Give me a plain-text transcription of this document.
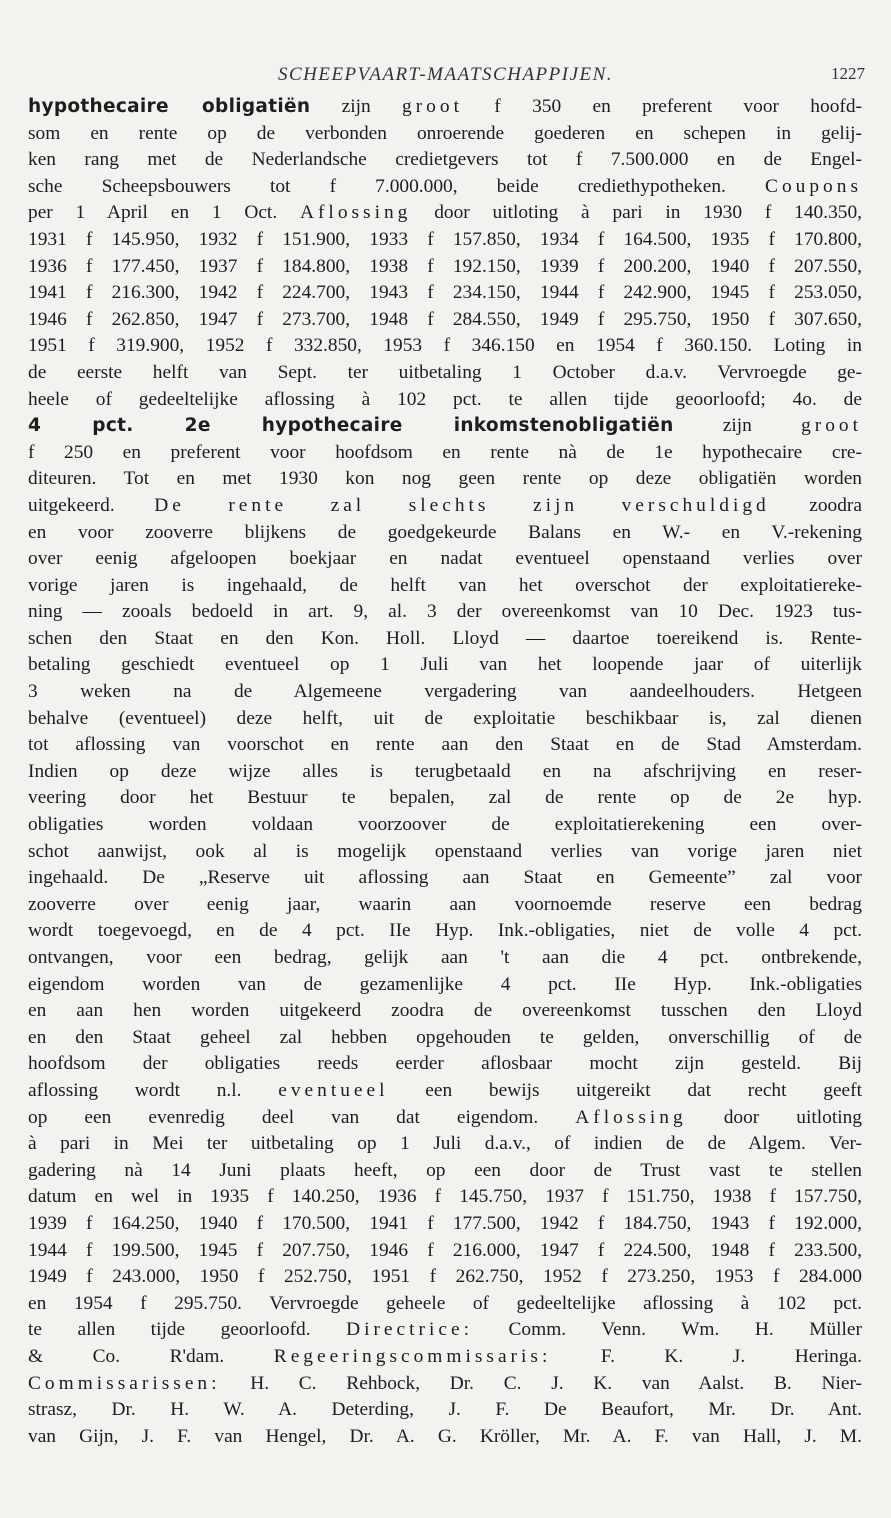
SCHEEPVAART-MAATSCHAPPIJEN.	1227
hypothecaire obligatiën zijn groot f 350 en preferent voor hoofd-
som en rente op de verbonden onroerende goederen en schepen in gelij-
ken rang met de Nederlandsche credietgevers tot f 7.500.000 en de Engel-
sche Scheepsbouwers tot f 7.000.000, beide crediethypotheken. Coupons
per 1 April en 1 Oct. Aflossing door uitloting à pari in 1930 f 140.350,
1931 f 145.950, 1932 f 151.900, 1933 f 157.850, 1934 f 164.500, 1935 f 170.800,
1936 f 177.450, 1937 f 184.800, 1938 f 192.150, 1939 f 200.200, 1940 f 207.550,
1941 f 216.300, 1942 f 224.700, 1943 f 234.150, 1944 f 242.900, 1945 f 253.050,
1946 f 262.850, 1947 f 273.700, 1948 f 284.550, 1949 f 295.750, 1950 f 307.650,
1951 f 319.900, 1952 f 332.850, 1953 f 346.150 en 1954 f 360.150. Loting in
de eerste helft van Sept. ter uitbetaling 1 October d.a.v. Vervroegde ge-
heele of gedeeltelijke aflossing à 102 pct. te allen tijde geoorloofd; 4o. de
4 pct. 2e hypothecaire inkomstenobligatiën zijn groot
f 250 en preferent voor hoofdsom en rente nà de 1e hypothecaire cre-
diteuren. Tot en met 1930 kon nog geen rente op deze obligatiën worden
uitgekeerd. De rente zal slechts zijn verschuldigd zoodra
en voor zooverre blijkens de goedgekeurde Balans en W.- en V.-rekening
over eenig afgeloopen boekjaar en nadat eventueel openstaand verlies over
vorige jaren is ingehaald, de helft van het overschot der exploitatiereke-
ning — zooals bedoeld in art. 9, al. 3 der overeenkomst van 10 Dec. 1923 tus-
schen den Staat en den Kon. Holl. Lloyd — daartoe toereikend is. Rente-
betaling geschiedt eventueel op 1 Juli van het loopende jaar of uiterlijk
3 weken na de Algemeene vergadering van aandeelhouders. Hetgeen
behalve (eventueel) deze helft, uit de exploitatie beschikbaar is, zal dienen
tot aflossing van voorschot en rente aan den Staat en de Stad Amsterdam.
Indien op deze wijze alles is terugbetaald en na afschrijving en reser-
veering door het Bestuur te bepalen, zal de rente op de 2e hyp.
obligaties worden voldaan voorzoover de exploitatierekening een over-
schot aanwijst, ook al is mogelijk openstaand verlies van vorige jaren niet
ingehaald. De „Reserve uit aflossing aan Staat en Gemeente” zal voor
zooverre over eenig jaar, waarin aan voornoemde reserve een bedrag
wordt toegevoegd, en de 4 pct. IIe Hyp. Ink.-obligaties, niet de volle 4 pct.
ontvangen, voor een bedrag, gelijk aan 't aan die 4 pct. ontbrekende,
eigendom worden van de gezamenlijke 4 pct. IIe Hyp. Ink.-obligaties
en aan hen worden uitgekeerd zoodra de overeenkomst tusschen den Lloyd
en den Staat geheel zal hebben opgehouden te gelden, onverschillig of de
hoofdsom der obligaties reeds eerder aflosbaar mocht zijn gesteld. Bij
aflossing wordt n.l. eventueel een bewijs uitgereikt dat recht geeft
op een evenredig deel van dat eigendom. Aflossing door uitloting
à pari in Mei ter uitbetaling op 1 Juli d.a.v., of indien de de Algem. Ver-
gadering nà 14 Juni plaats heeft, op een door de Trust vast te stellen
datum en wel in 1935 f 140.250, 1936 f 145.750, 1937 f 151.750, 1938 f 157.750,
1939 f 164.250, 1940 f 170.500, 1941 f 177.500, 1942 f 184.750, 1943 f 192.000,
1944 f 199.500, 1945 f 207.750, 1946 f 216.000, 1947 f 224.500, 1948 f 233.500,
1949 f 243.000, 1950 f 252.750, 1951 f 262.750, 1952 f 273.250, 1953 f 284.000
en 1954 f 295.750. Vervroegde geheele of gedeeltelijke aflossing à 102 pct.
te allen tijde geoorloofd. Directrice: Comm. Venn. Wm. H. Müller
& Co. R'dam. Regeeringscommissaris: F. K. J. Heringa.
Commissarissen: H. C. Rehbock, Dr. C. J. K. van Aalst. B. Nier-
strasz, Dr. H. W. A. Deterding, J. F. De Beaufort, Mr. Dr. Ant.
van Gijn, J. F. van Hengel, Dr. A. G. Kröller, Mr. A. F. van Hall, J. M.
